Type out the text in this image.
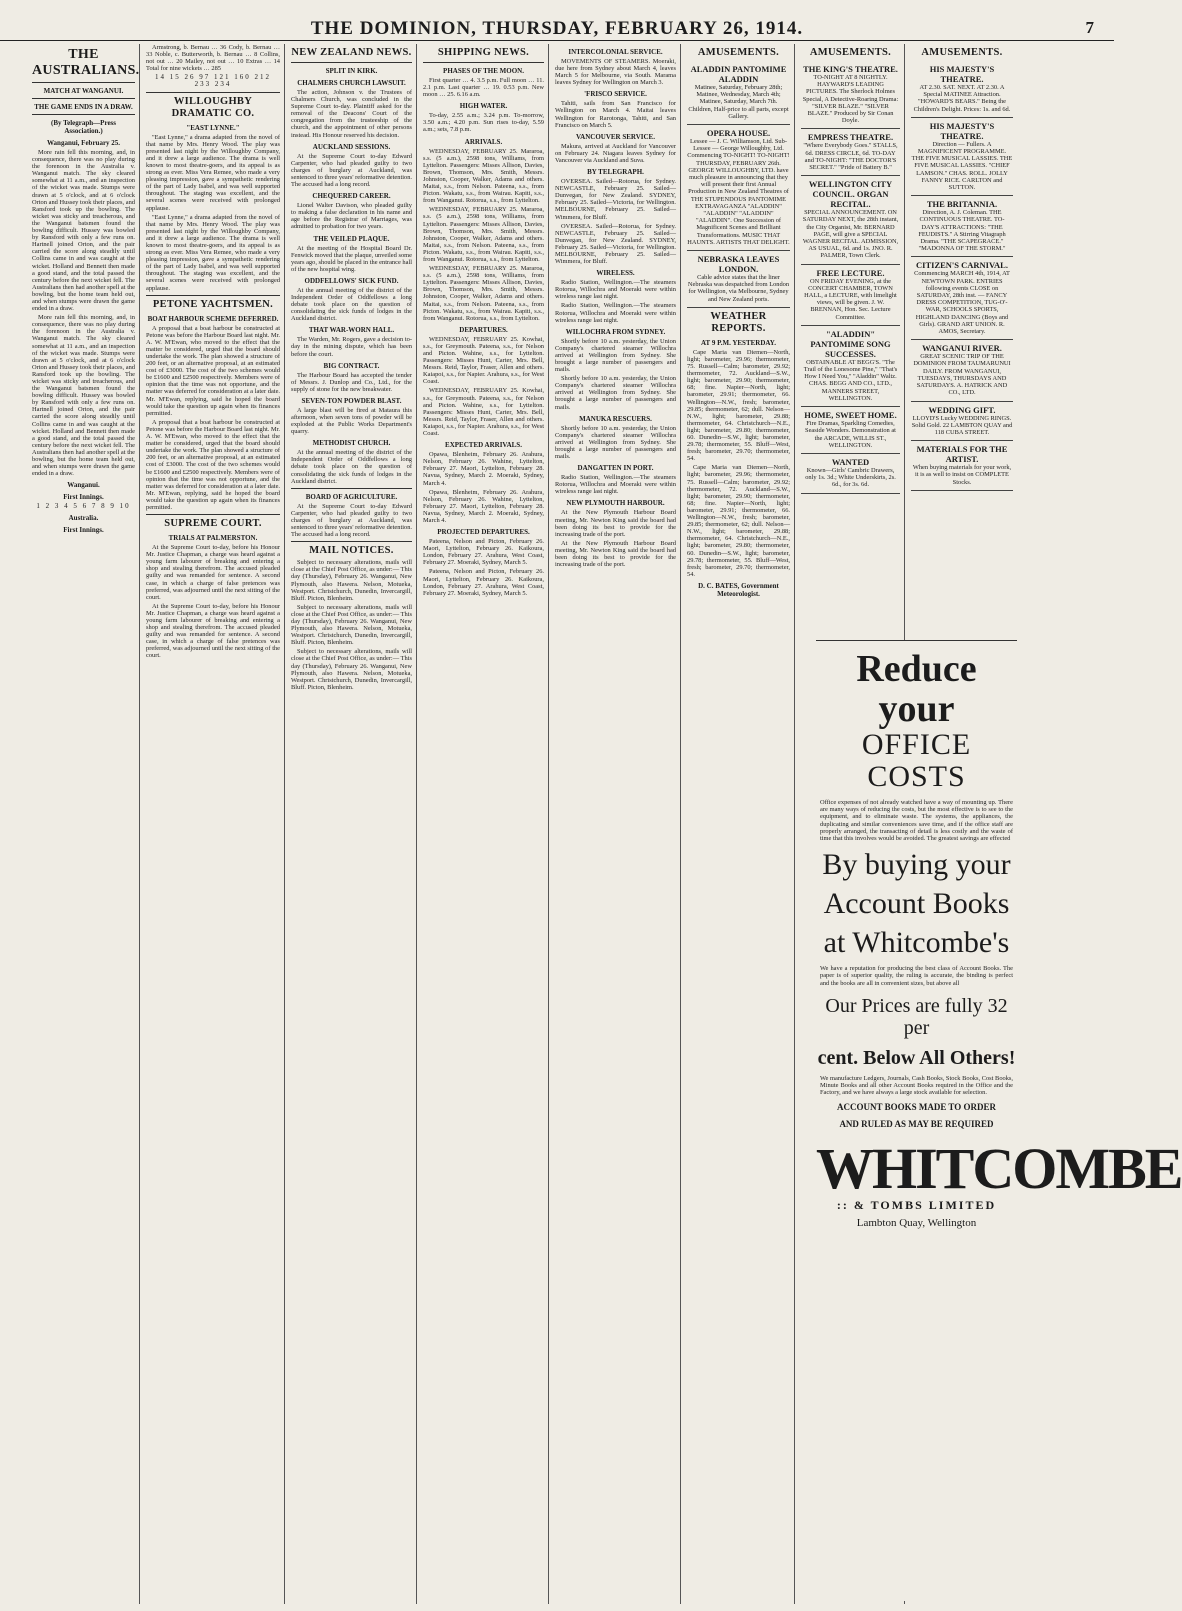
THE DOMINION, THURSDAY, FEBRUARY 26, 1914.	7
THE AUSTRALIANS.
MATCH AT WANGANUI.
THE GAME ENDS IN A DRAW.
(By Telegraph—Press Association.)
Wanganui, February 25.

More rain fell this morning, and, in consequence, there was no play during the forenoon in the Australia v. Wanganui match. The sky cleared somewhat at 11 a.m., and an inspection of the wicket was made. Stumps were drawn at 5 o'clock, and at 6 o'clock Orton and Hussey took their places, and Ransford took up the bowling. The wicket was sticky and treacherous, and the Wanganui batsmen found the bowling difficult. Hussey was bowled by Ransford with only a few runs on. Hartnell joined Orton, and the pair carried the score along steadily until Collins came in and was caught at the wicket. Holland and Bennett then made a good stand, and the total passed the century before the next wicket fell. The Australians then had another spell at the bowling, but the home team held out, and when stumps were drawn the game ended in a draw.

More rain fell this morning, and, in consequence, there was no play during the forenoon in the Australia v. Wanganui match. The sky cleared somewhat at 11 a.m., and an inspection of the wicket was made. Stumps were drawn at 5 o'clock, and at 6 o'clock Orton and Hussey took their places, and Ransford took up the bowling. The wicket was sticky and treacherous, and the Wanganui batsmen found the bowling difficult. Hussey was bowled by Ransford with only a few runs on. Hartnell joined Orton, and the pair carried the score along steadily until Collins came in and was caught at the wicket. Holland and Bennett then made a good stand, and the total passed the century before the next wicket fell. The Australians then had another spell at the bowling, but the home team held out, and when stumps were drawn the game ended in a draw.

Wanganui.
First Innings.
1 2 3 4 5 6 7 8 9 10
Australia.
First Innings.

Armstrong, b. Bernau … 36 Cody, b. Bernau … 33 Noble, c. Butterworth, b. Bernau … 8 Collins, not out … 20 Mailey, not out … 10 Extras … 14 Total for nine wickets … 285

14 15 26 97 121 160 212 233 234
WILLOUGHBY DRAMATIC CO.
"EAST LYNNE."

"East Lynne," a drama adapted from the novel of that name by Mrs. Henry Wood. The play was presented last night by the Willoughby Company, and it drew a large audience. The drama is well known to most theatre-goers, and its appeal is as strong as ever. Miss Vera Remee, who made a very pleasing impression, gave a sympathetic rendering of the part of Lady Isabel, and was well supported throughout. The staging was excellent, and the several scenes were received with prolonged applause.

"East Lynne," a drama adapted from the novel of that name by Mrs. Henry Wood. The play was presented last night by the Willoughby Company, and it drew a large audience. The drama is well known to most theatre-goers, and its appeal is as strong as ever. Miss Vera Remee, who made a very pleasing impression, gave a sympathetic rendering of the part of Lady Isabel, and was well supported throughout. The staging was excellent, and the several scenes were received with prolonged applause.

PETONE YACHTSMEN.
BOAT HARBOUR SCHEME DEFERRED.

A proposal that a boat harbour be constructed at Petone was before the Harbour Board last night. Mr. A. W. M'Ewan, who moved to the effect that the matter be considered, urged that the board should undertake the work. The plan showed a structure of 200 feet, or an alternative proposal, at an estimated cost of £3000. The cost of the two schemes would be £1600 and £2500 respectively. Members were of opinion that the time was not opportune, and the matter was deferred for consideration at a later date. Mr. M'Ewan, replying, said he hoped the board would take the question up again when its finances permitted.

A proposal that a boat harbour be constructed at Petone was before the Harbour Board last night. Mr. A. W. M'Ewan, who moved to the effect that the matter be considered, urged that the board should undertake the work. The plan showed a structure of 200 feet, or an alternative proposal, at an estimated cost of £3000. The cost of the two schemes would be £1600 and £2500 respectively. Members were of opinion that the time was not opportune, and the matter was deferred for consideration at a later date. Mr. M'Ewan, replying, said he hoped the board would take the question up again when its finances permitted.

SUPREME COURT.
TRIALS AT PALMERSTON.

At the Supreme Court to-day, before his Honour Mr. Justice Chapman, a charge was heard against a young farm labourer of breaking and entering a shop and stealing therefrom. The accused pleaded guilty and was remanded for sentence. A second case, in which a charge of false pretences was preferred, was adjourned until the next sitting of the court.

At the Supreme Court to-day, before his Honour Mr. Justice Chapman, a charge was heard against a young farm labourer of breaking and entering a shop and stealing therefrom. The accused pleaded guilty and was remanded for sentence. A second case, in which a charge of false pretences was preferred, was adjourned until the next sitting of the court.

NEW ZEALAND NEWS.
SPLIT IN KIRK.
CHALMERS CHURCH LAWSUIT.

The action, Johnson v. the Trustees of Chalmers Church, was concluded in the Supreme Court to-day. Plaintiff asked for the removal of the Deacons' Court of the congregation from the trusteeship of the church, and the appointment of other persons instead. His Honour reserved his decision.

AUCKLAND SESSIONS.

At the Supreme Court to-day Edward Carpenter, who had pleaded guilty to two charges of burglary at Auckland, was sentenced to three years' reformative detention. The accused had a long record.

CHEQUERED CAREER.

Lionel Walter Davison, who pleaded guilty to making a false declaration in his name and age before the Registrar of Marriages, was admitted to probation for two years.

THE VEILED PLAQUE.

At the meeting of the Hospital Board Dr. Fenwick moved that the plaque, unveiled some years ago, should be placed in the entrance hall of the new hospital wing.

ODDFELLOWS' SICK FUND.

At the annual meeting of the district of the Independent Order of Oddfellows a long debate took place on the question of consolidating the sick funds of lodges in the Auckland district.

THAT WAR-WORN HALL.

The Warden, Mr. Rogers, gave a decision to-day in the mining dispute, which has been before the court.

BIG CONTRACT.

The Harbour Board has accepted the tender of Messrs. J. Dunlop and Co., Ltd., for the supply of stone for the new breakwater.

SEVEN-TON POWDER BLAST.

A large blast will be fired at Mataura this afternoon, when seven tons of powder will be exploded at the Public Works Department's quarry.

METHODIST CHURCH.

At the annual meeting of the district of the Independent Order of Oddfellows a long debate took place on the question of consolidating the sick funds of lodges in the Auckland district.

BOARD OF AGRICULTURE.

At the Supreme Court to-day Edward Carpenter, who had pleaded guilty to two charges of burglary at Auckland, was sentenced to three years' reformative detention. The accused had a long record.

MAIL NOTICES.

Subject to necessary alterations, mails will close at the Chief Post Office, as under:— This day (Thursday), February 26. Wanganui, New Plymouth, also Hawera. Nelson, Motueka, Westport. Christchurch, Dunedin, Invercargill, Bluff. Picton, Blenheim.

Subject to necessary alterations, mails will close at the Chief Post Office, as under:— This day (Thursday), February 26. Wanganui, New Plymouth, also Hawera. Nelson, Motueka, Westport. Christchurch, Dunedin, Invercargill, Bluff. Picton, Blenheim.

Subject to necessary alterations, mails will close at the Chief Post Office, as under:— This day (Thursday), February 26. Wanganui, New Plymouth, also Hawera. Nelson, Motueka, Westport. Christchurch, Dunedin, Invercargill, Bluff. Picton, Blenheim.

SHIPPING NEWS.
PHASES OF THE MOON.

First quarter … 4. 3.5 p.m. Full moon … 11. 2.1 p.m. Last quarter … 19. 0.53 p.m. New moon … 25. 6.16 a.m.

HIGH WATER.

To-day, 2.55 a.m.; 3.24 p.m. To-morrow, 3.50 a.m.; 4.20 p.m. Sun rises to-day, 5.59 a.m.; sets, 7.8 p.m.

ARRIVALS.

WEDNESDAY, FEBRUARY 25. Mararoa, s.s. (5 a.m.), 2598 tons, Williams, from Lyttelton. Passengers: Misses Allison, Davies, Brown, Thomson, Mrs. Smith, Messrs. Johnston, Cooper, Walker, Adams and others. Maitai, s.s., from Nelson. Pateena, s.s., from Picton. Wakatu, s.s., from Wairau. Kapiti, s.s., from Wanganui. Rotorua, s.s., from Lyttelton.

WEDNESDAY, FEBRUARY 25. Mararoa, s.s. (5 a.m.), 2598 tons, Williams, from Lyttelton. Passengers: Misses Allison, Davies, Brown, Thomson, Mrs. Smith, Messrs. Johnston, Cooper, Walker, Adams and others. Maitai, s.s., from Nelson. Pateena, s.s., from Picton. Wakatu, s.s., from Wairau. Kapiti, s.s., from Wanganui. Rotorua, s.s., from Lyttelton.

WEDNESDAY, FEBRUARY 25. Mararoa, s.s. (5 a.m.), 2598 tons, Williams, from Lyttelton. Passengers: Misses Allison, Davies, Brown, Thomson, Mrs. Smith, Messrs. Johnston, Cooper, Walker, Adams and others. Maitai, s.s., from Nelson. Pateena, s.s., from Picton. Wakatu, s.s., from Wairau. Kapiti, s.s., from Wanganui. Rotorua, s.s., from Lyttelton.

DEPARTURES.

WEDNESDAY, FEBRUARY 25. Kowhai, s.s., for Greymouth. Pateena, s.s., for Nelson and Picton. Wahine, s.s., for Lyttelton. Passengers: Misses Hunt, Carter, Mrs. Bell, Messrs. Reid, Taylor, Fraser, Allen and others. Kaiapoi, s.s., for Napier. Arahura, s.s., for West Coast.

WEDNESDAY, FEBRUARY 25. Kowhai, s.s., for Greymouth. Pateena, s.s., for Nelson and Picton. Wahine, s.s., for Lyttelton. Passengers: Misses Hunt, Carter, Mrs. Bell, Messrs. Reid, Taylor, Fraser, Allen and others. Kaiapoi, s.s., for Napier. Arahura, s.s., for West Coast.

EXPECTED ARRIVALS.

Opawa, Blenheim, February 26. Arahura, Nelson, February 26. Wahine, Lyttelton, February 27. Maori, Lyttelton, February 28. Navua, Sydney, March 2. Moeraki, Sydney, March 4.

Opawa, Blenheim, February 26. Arahura, Nelson, February 26. Wahine, Lyttelton, February 27. Maori, Lyttelton, February 28. Navua, Sydney, March 2. Moeraki, Sydney, March 4.

PROJECTED DEPARTURES.

Pateena, Nelson and Picton, February 26. Maori, Lyttelton, February 26. Kaikoura, London, February 27. Arahura, West Coast, February 27. Moeraki, Sydney, March 5.

Pateena, Nelson and Picton, February 26. Maori, Lyttelton, February 26. Kaikoura, London, February 27. Arahura, West Coast, February 27. Moeraki, Sydney, March 5.

INTERCOLONIAL SERVICE.

MOVEMENTS OF STEAMERS. Moeraki, due here from Sydney about March 4, leaves March 5 for Melbourne, via South. Marama leaves Sydney for Wellington on March 3.

'FRISCO SERVICE.

Tahiti, sails from San Francisco for Wellington on March 4. Maitai leaves Wellington for Rarotonga, Tahiti, and San Francisco on March 5.

VANCOUVER SERVICE.

Makura, arrived at Auckland for Vancouver on February 24. Niagara leaves Sydney for Vancouver via Auckland and Suva.

BY TELEGRAPH.

OVERSEA. Sailed—Rotorua, for Sydney. NEWCASTLE, February 25. Sailed—Dunvegan, for New Zealand. SYDNEY, February 25. Sailed—Victoria, for Wellington. MELBOURNE, February 25. Sailed—Wimmera, for Bluff.

OVERSEA. Sailed—Rotorua, for Sydney. NEWCASTLE, February 25. Sailed—Dunvegan, for New Zealand. SYDNEY, February 25. Sailed—Victoria, for Wellington. MELBOURNE, February 25. Sailed—Wimmera, for Bluff.

WIRELESS.

Radio Station, Wellington.—The steamers Rotorua, Willochra and Moeraki were within wireless range last night.

Radio Station, Wellington.—The steamers Rotorua, Willochra and Moeraki were within wireless range last night.

WILLOCHRA FROM SYDNEY.

Shortly before 10 a.m. yesterday, the Union Company's chartered steamer Willochra arrived at Wellington from Sydney. She brought a large number of passengers and mails.

Shortly before 10 a.m. yesterday, the Union Company's chartered steamer Willochra arrived at Wellington from Sydney. She brought a large number of passengers and mails.

MANUKA RESCUERS.

Shortly before 10 a.m. yesterday, the Union Company's chartered steamer Willochra arrived at Wellington from Sydney. She brought a large number of passengers and mails.

DANGATTEN IN PORT.

Radio Station, Wellington.—The steamers Rotorua, Willochra and Moeraki were within wireless range last night.

NEW PLYMOUTH HARBOUR.

At the New Plymouth Harbour Board meeting, Mr. Newton King said the board had been doing its best to provide for the increasing trade of the port.

At the New Plymouth Harbour Board meeting, Mr. Newton King said the board had been doing its best to provide for the increasing trade of the port.

AMUSEMENTS.
ALADDIN PANTOMIME ALADDIN
Matinee, Saturday, February 28th; Matinee, Wednesday, March 4th; Matinee, Saturday, March 7th. Children, Half-price to all parts, except Gallery.
OPERA HOUSE.
Lessee — J. C. Williamson, Ltd. Sub-Lessee — George Willoughby, Ltd. Commencing TO-NIGHT! TO-NIGHT! THURSDAY, FEBRUARY 26th. GEORGE WILLOUGHBY, LTD. have much pleasure in announcing that they will present their first Annual Production in New Zealand Theatres of THE STUPENDOUS PANTOMIME EXTRAVAGANZA "ALADDIN" "ALADDIN" "ALADDIN" "ALADDIN". One Succession of Magnificent Scenes and Brilliant Transformations. MUSIC THAT HAUNTS. ARTISTS THAT DELIGHT.
NEBRASKA LEAVES LONDON.
Cable advice states that the liner Nebraska was despatched from London for Wellington, via Melbourne, Sydney and New Zealand ports.
WEATHER REPORTS.
AT 9 P.M. YESTERDAY.

Cape Maria van Diemen—North, light; barometer, 29.96; thermometer, 75. Russell—Calm; barometer, 29.92; thermometer, 72. Auckland—S.W., light; barometer, 29.90; thermometer, 68; fine. Napier—North, light; barometer, 29.91; thermometer, 66. Wellington—N.W., fresh; barometer, 29.85; thermometer, 62; dull. Nelson—N.W., light; barometer, 29.88; thermometer, 64. Christchurch—N.E., light; barometer, 29.80; thermometer, 60. Dunedin—S.W., light; barometer, 29.78; thermometer, 55. Bluff—West, fresh; barometer, 29.70; thermometer, 54.

Cape Maria van Diemen—North, light; barometer, 29.96; thermometer, 75. Russell—Calm; barometer, 29.92; thermometer, 72. Auckland—S.W., light; barometer, 29.90; thermometer, 68; fine. Napier—North, light; barometer, 29.91; thermometer, 66. Wellington—N.W., fresh; barometer, 29.85; thermometer, 62; dull. Nelson—N.W., light; barometer, 29.88; thermometer, 64. Christchurch—N.E., light; barometer, 29.80; thermometer, 60. Dunedin—S.W., light; barometer, 29.78; thermometer, 55. Bluff—West, fresh; barometer, 29.70; thermometer, 54.

D. C. BATES, Government Meteorologist.
AMUSEMENTS.
THE KING'S THEATRE.
TO-NIGHT AT 8 NIGHTLY. HAYWARD'S LEADING PICTURES. The Sherlock Holmes Special, A Detective-Roaring Drama: "SILVER BLAZE." "SILVER BLAZE." Produced by Sir Conan Doyle.
EMPRESS THEATRE.
"Where Everybody Goes." STALLS, 6d. DRESS CIRCLE, 6d. TO-DAY and TO-NIGHT: "THE DOCTOR'S SECRET." "Pride of Battery B."
WELLINGTON CITY COUNCIL. ORGAN RECITAL.
SPECIAL ANNOUNCEMENT. ON SATURDAY NEXT, the 28th instant, the City Organist, Mr. BERNARD PAGE, will give a SPECIAL WAGNER RECITAL. ADMISSION, AS USUAL, 6d. and 1s. JNO. R. PALMER, Town Clerk.
FREE LECTURE.
ON FRIDAY EVENING, at the CONCERT CHAMBER, TOWN HALL, a LECTURE, with limelight views, will be given. J. W. BRENNAN, Hon. Sec. Lecture Committee.
"ALADDIN" PANTOMIME SONG SUCCESSES.
OBTAINABLE AT BEGG'S. "The Trail of the Lonesome Pine," "That's How I Need You," "Aladdin" Waltz. CHAS. BEGG AND CO., LTD., MANNERS STREET, WELLINGTON.
HOME, SWEET HOME.
Fire Dramas, Sparkling Comedies, Seaside Wonders. Demonstration at the ARCADE, WILLIS ST., WELLINGTON.
WANTED
Known—Girls' Cambric Drawers, only 1s. 3d.; White Underskirts, 2s. 6d., for 3s. 6d.
AMUSEMENTS.
HIS MAJESTY'S THEATRE.
AT 2.30. SAT. NEXT. AT 2.30. A Special MATINEE Attraction. "HOWARD'S BEARS." Being the Children's Delight. Prices: 1s. and 6d.
HIS MAJESTY'S THEATRE.
Direction — Fullers. A MAGNIFICENT PROGRAMME. THE FIVE MUSICAL LASSIES. THE FIVE MUSICAL LASSIES. "CHIEF LAMSON." CHAS. ROLL. JOLLY FANNY RICE. CARLTON and SUTTON.
THE BRITANNIA.
Direction, A. J. Coleman. THE CONTINUOUS THEATRE. TO-DAY'S ATTRACTIONS: "THE FEUDISTS." A Stirring Vitagraph Drama. "THE SCAPEGRACE." "MADONNA OF THE STORM."
CITIZEN'S CARNIVAL.
Commencing MARCH 4th, 1914, AT NEWTOWN PARK. ENTRIES following events CLOSE on SATURDAY, 28th inst. — FANCY DRESS COMPETITION, TUG-O'-WAR, SCHOOLS SPORTS, HIGHLAND DANCING (Boys and Girls). GRAND ART UNION. R. AMOS, Secretary.
WANGANUI RIVER.
GREAT SCENIC TRIP OF THE DOMINION FROM TAUMARUNUI DAILY. FROM WANGANUI, TUESDAYS, THURSDAYS AND SATURDAYS. A. HATRICK AND CO., LTD.
WEDDING GIFT.
LLOYD'S Lucky WEDDING RINGS. Solid Gold. 22 LAMBTON QUAY and 118 CUBA STREET.
MATERIALS FOR THE ARTIST.
When buying materials for your work, it is as well to insist on COMPLETE Stocks.
Reduce your
OFFICE COSTS

Office expenses of not already watched have a way of mounting up. There are many ways of reducing the costs, but the most effective is to see to the equipment, and to eliminate waste. The systems, the appliances, the duplicating and similar conveniences save time, and if the office staff are properly arranged, the transacting of detail is less costly and the waste of time that this involves would be avoided. The greatest savings are effected

By buying your
Account Books
at Whitcombe's

We have a reputation for producing the best class of Account Books. The paper is of superior quality, the ruling is accurate, the binding is perfect and the books are all in convenient sizes, but above all

Our Prices are fully 32 per
cent. Below All Others!

We manufacture Ledgers, Journals, Cash Books, Stock Books, Cost Books, Minute Books and all other Account Books required in the Office and the Factory, and we have always a large stock available for selection.

ACCOUNT BOOKS MADE TO ORDER
AND RULED AS MAY BE REQUIRED
WHITCOMBE
:: & TOMBS LIMITED
Lambton Quay, Wellington
